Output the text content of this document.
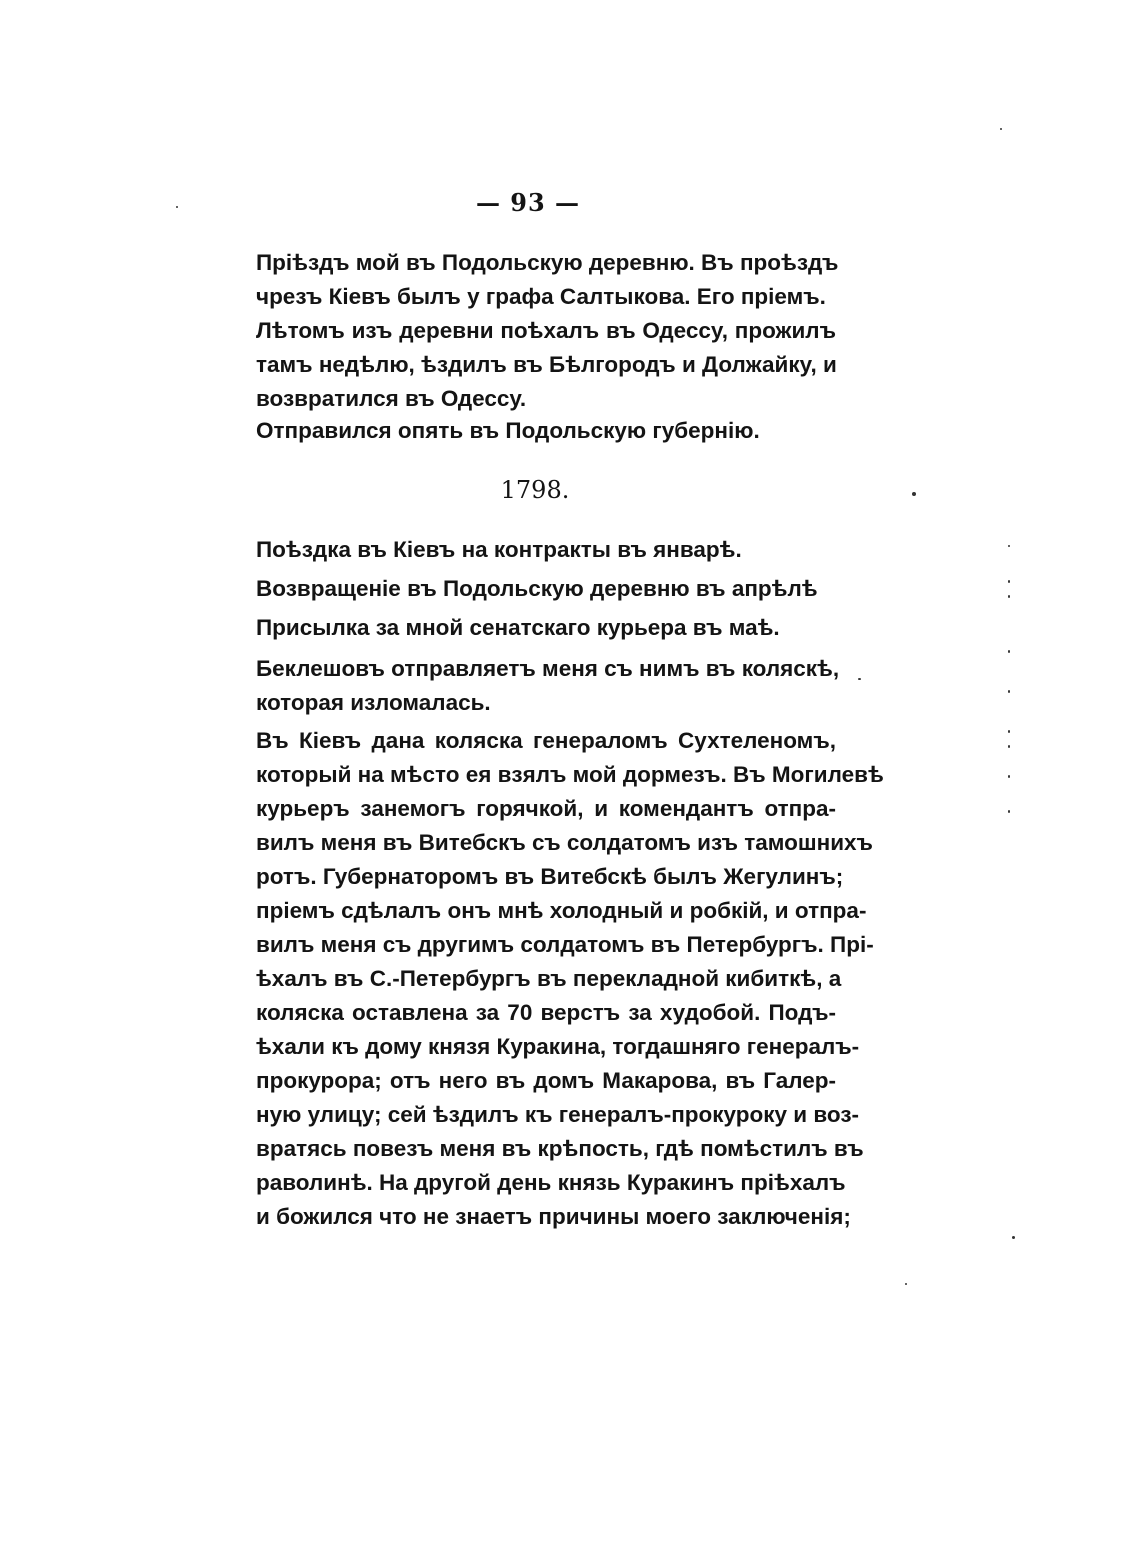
— 93 —
Пріѣздъ мой въ Подольскую деревню. Въ проѣздъ
чрезъ Кіевъ былъ у графа Салтыкова. Его пріемъ.
Лѣтомъ изъ деревни поѣхалъ въ Одессу, прожилъ
тамъ недѣлю, ѣздилъ въ Бѣлгородъ и Должайку, и
возвратился въ Одессу.
Отправился опять въ Подольскую губернію.
1798.
Поѣздка въ Кіевъ на контракты въ январѣ.
Возвращеніе въ Подольскую деревню въ апрѣлѣ
Присылка за мной сенатскаго курьера въ маѣ.
Беклешовъ отправляетъ меня съ нимъ въ коляскѣ,
которая изломалась.
Въ Кіевъ дана коляска генераломъ Сухтеленомъ,
который на мѣсто ея взялъ мой дормезъ. Въ Могилевѣ
курьеръ занемогъ горячкой, и комендантъ отпра-
вилъ меня въ Витебскъ съ солдатомъ изъ тамошнихъ
ротъ. Губернаторомъ въ Витебскѣ былъ Жегулинъ;
пріемъ сдѣлалъ онъ мнѣ холодный и робкій, и отпра-
вилъ меня съ другимъ солдатомъ въ Петербургъ. Прі-
ѣхалъ въ С.-Петербургъ въ перекладной кибиткѣ, а
коляска оставлена за 70 верстъ за худобой. Подъ-
ѣхали къ дому князя Куракина, тогдашняго генералъ-
прокурора; отъ него въ домъ Макарова, въ Галер-
ную улицу; сей ѣздилъ къ генералъ-прокуроку и воз-
вратясь повезъ меня въ крѣпость, гдѣ помѣстилъ въ
раволинѣ. На другой день князь Куракинъ пріѣхалъ
и божился что не знаетъ причины моего заключенія;
